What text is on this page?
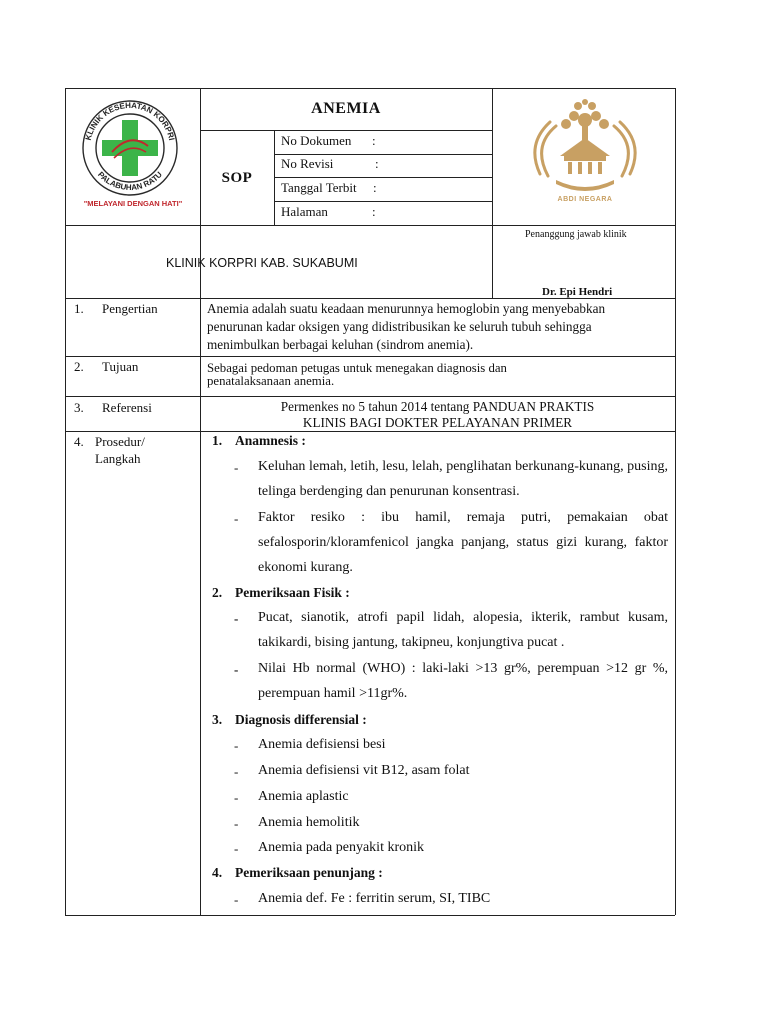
KLINIK KESEHATAN KORPRI
PALABUHAN RATU
"MELAYANI DENGAN HATI"
ANEMIA
SOP
No Dokumen :
No Revisi	:
Tanggal Terbit :
Halaman	:
ABDI NEGARA
KLINIK KORPRI KAB. SUKABUMI
Penanggung jawab klinik
Dr. Epi Hendri
1. Pengertian	Anemia adalah suatu keadaan menurunnya hemoglobin yang menyebabkan penurunan kadar oksigen yang didistribusikan ke seluruh tubuh sehingga menimbulkan berbagai keluhan (sindrom anemia).
2. Tujuan	Sebagai pedoman petugas untuk menegakan diagnosis dan penatalaksanaan anemia.
3. Referensi	Permenkes no 5 tahun 2014 tentang PANDUAN PRAKTIS
KLINIS BAGI DOKTER PELAYANAN PRIMER
4. Prosedur/
Langkah
1. Anamnesis :
- Keluhan lemah, letih, lesu, lelah, penglihatan berkunang-kunang, pusing, telinga berdenging dan penurunan konsentrasi.
- Faktor resiko : ibu hamil, remaja putri, pemakaian obat sefalosporin/kloramfenicol jangka panjang, status gizi kurang, faktor ekonomi kurang.
2. Pemeriksaan Fisik :
- Pucat, sianotik, atrofi papil lidah, alopesia, ikterik, rambut kusam, takikardi, bising jantung, takipneu, konjungtiva pucat .
- Nilai Hb normal (WHO) : laki-laki >13 gr%, perempuan >12 gr %, perempuan hamil >11gr%.
3. Diagnosis differensial :
- Anemia defisiensi besi
- Anemia defisiensi vit B12, asam folat
- Anemia aplastic
- Anemia hemolitik
- Anemia pada penyakit kronik
4. Pemeriksaan penunjang :
- Anemia def. Fe : ferritin serum, SI, TIBC
